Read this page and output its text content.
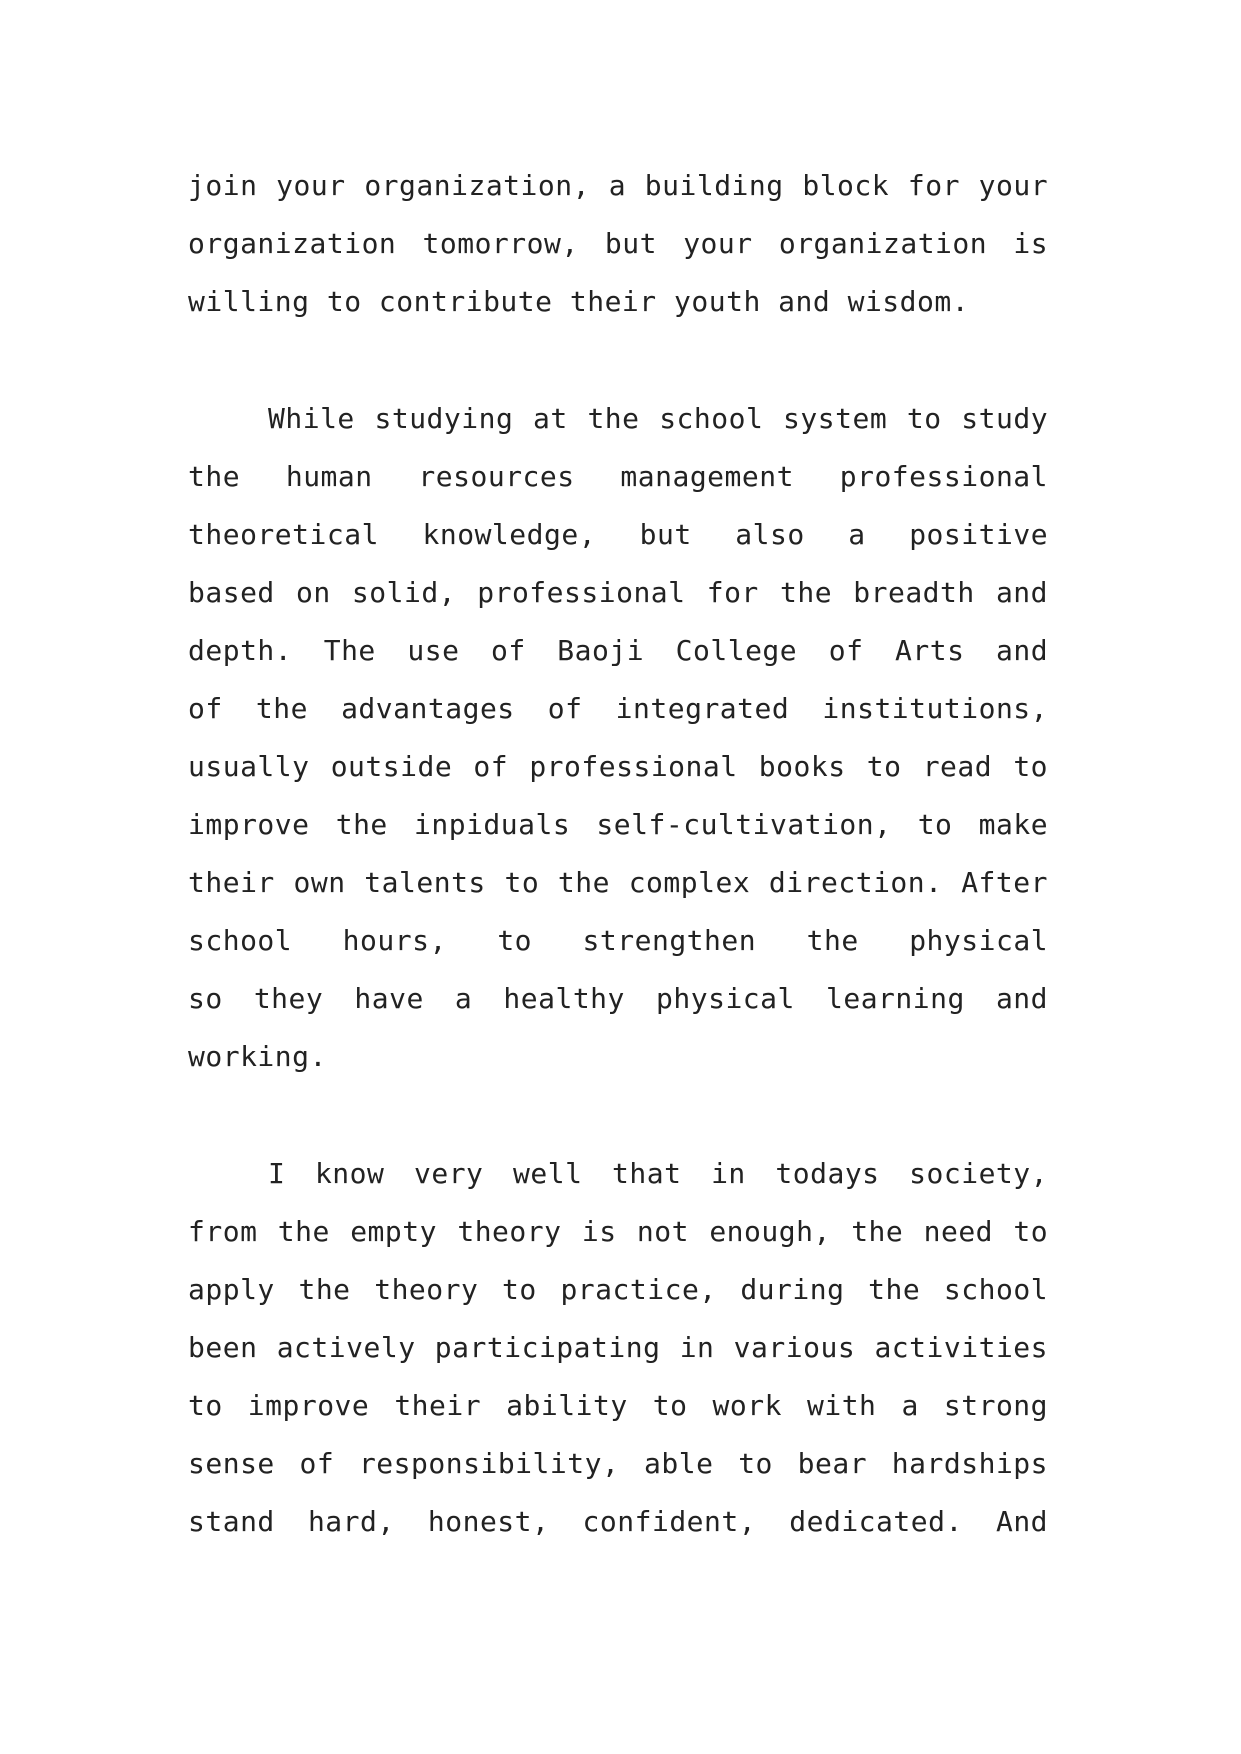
join your organization, a building block for your
organization tomorrow, but your organization is
willing to contribute their youth and wisdom.
While studying at the school system to study
the human resources management professional
theoretical knowledge, but also a positive
based on solid, professional for the breadth and
depth. The use of Baoji College of Arts and
of the advantages of integrated institutions,
usually outside of professional books to read to
improve the inpiduals self-cultivation, to make
their own talents to the complex direction. After
school hours, to strengthen the physical
so they have a healthy physical learning and
working.
I know very well that in todays society,
from the empty theory is not enough, the need to
apply the theory to practice, during the school
been actively participating in various activities
to improve their ability to work with a strong
sense of responsibility, able to bear hardships
stand hard, honest, confident, dedicated. And
